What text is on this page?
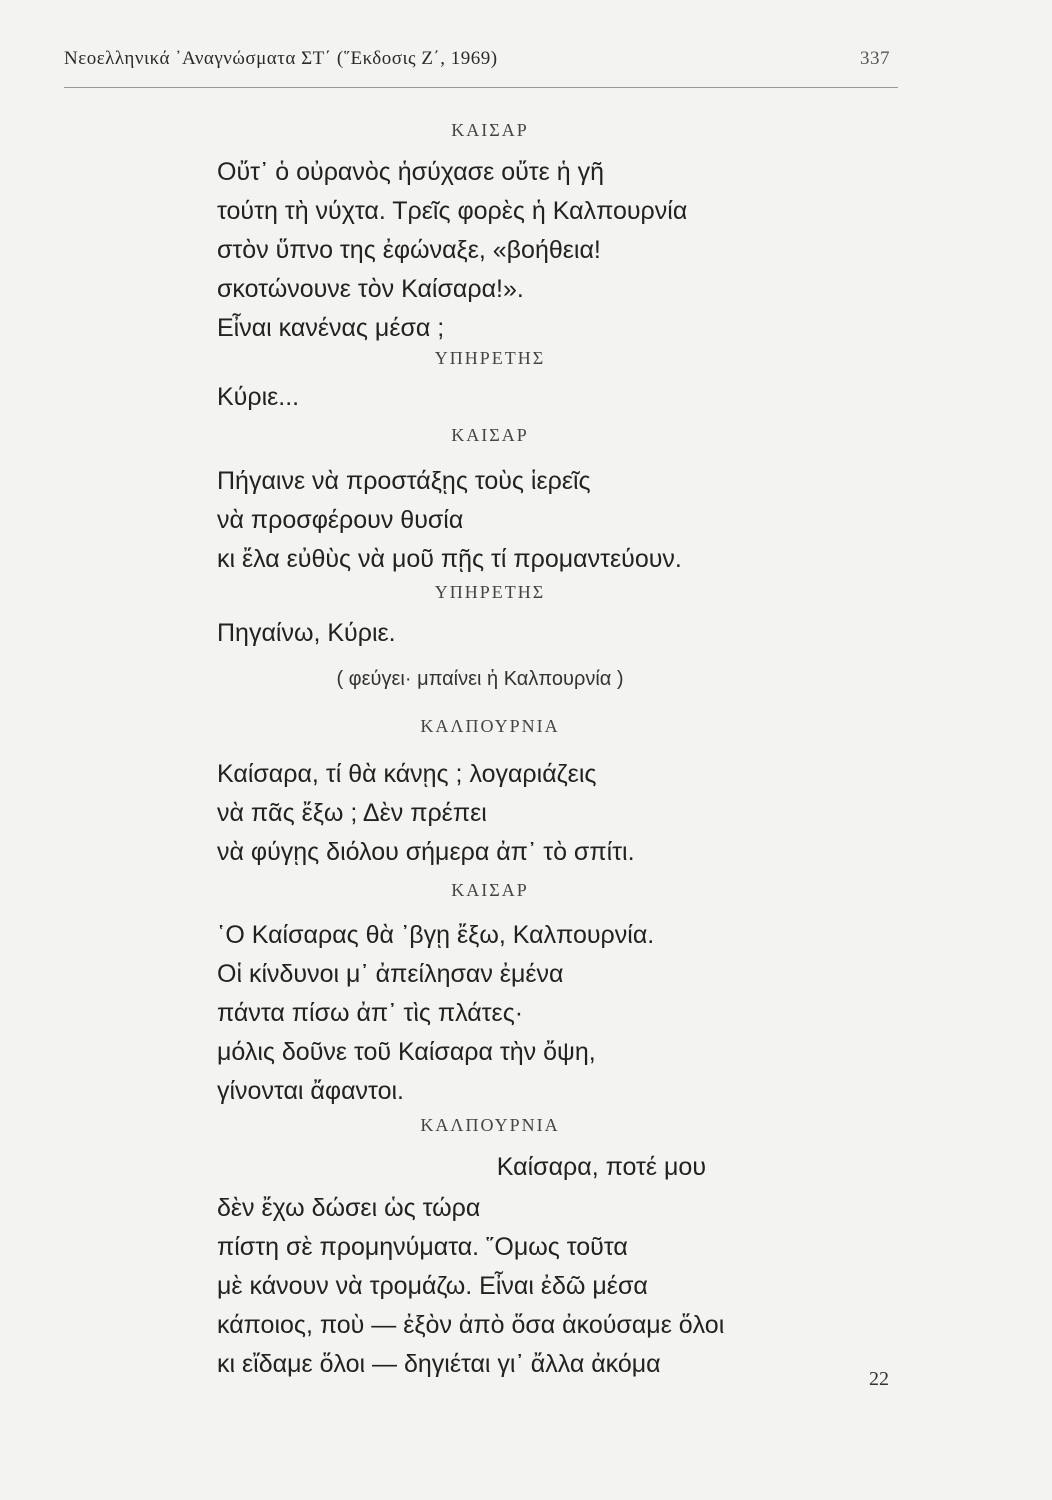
Νεοελληνικά ᾽Αναγνώσματα ΣΤ΄ (῞Εκδοσις Ζ΄, 1969)	337
ΚΑΙΣΑΡ
Οὔτ᾽ ὁ οὐρανὸς ἡσύχασε οὔτε ἡ γῆ
τούτη τὴ νύχτα. Τρεῖς φορὲς ἡ Καλπουρνία
στὸν ὕπνο της ἐφώναξε, «βοήθεια!
σκοτώνουνε τὸν Καίσαρα!».
Εἶναι κανένας μέσα ;
ΥΠΗΡΕΤΗΣ
Κύριε...
ΚΑΙΣΑΡ
Πήγαινε νὰ προστάξῃς τοὺς ἱερεῖς
νὰ προσφέρουν θυσία
κι ἔλα εὐθὺς νὰ μοῦ πῇς τί προμαντεύουν.
ΥΠΗΡΕΤΗΣ
Πηγαίνω, Κύριε.
( φεύγει· μπαίνει ἡ Καλπουρνία )
ΚΑΛΠΟΥΡΝΙΑ
Καίσαρα, τί θὰ κάνῃς ; λογαριάζεις
νὰ πᾶς ἔξω ; Δὲν πρέπει
νὰ φύγῃς διόλου σήμερα ἀπ᾽ τὸ σπίτι.
ΚΑΙΣΑΡ
῾Ο Καίσαρας θὰ ᾽βγῃ ἔξω, Καλπουρνία.
Οἱ κίνδυνοι μ᾽ ἀπείλησαν ἐμένα
πάντα πίσω ἀπ᾽ τὶς πλάτες·
μόλις δοῦνε τοῦ Καίσαρα τὴν ὄψη,
γίνονται ἄφαντοι.
ΚΑΛΠΟΥΡΝΙΑ
Καίσαρα, ποτέ μου
δὲν ἔχω δώσει ὡς τώρα
πίστη σὲ προμηνύματα. ῞Ομως τοῦτα
μὲ κάνουν νὰ τρομάζω. Εἶναι ἐδῶ μέσα
κάποιος, ποὺ — ἐξὸν ἀπὸ ὅσα ἀκούσαμε ὅλοι
κι εἴδαμε ὅλοι — δηγιέται γι᾽ ἄλλα ἀκόμα
22
